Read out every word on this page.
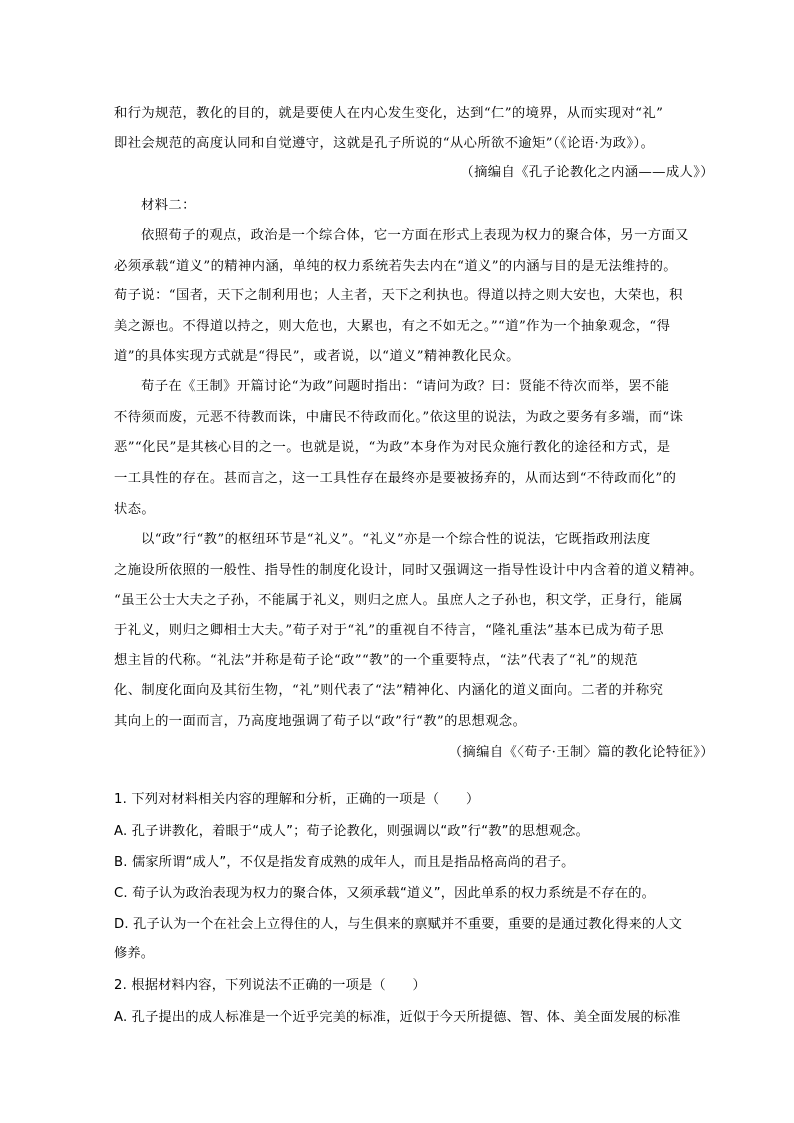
和行为规范，教化的目的，就是要使人在内心发生变化，达到“仁”的境界，从而实现对“礼”
即社会规范的高度认同和自觉遵守，这就是孔子所说的“从心所欲不逾矩”（《论语·为政》）。
（摘编自《孔子论教化之内涵——成人》）
材料二：
依照荀子的观点，政治是一个综合体，它一方面在形式上表现为权力的聚合体，另一方面又
必须承载“道义”的精神内涵，单纯的权力系统若失去内在“道义”的内涵与目的是无法维持的。
荀子说：“国者，天下之制利用也；人主者，天下之利执也。得道以持之则大安也，大荣也，积
美之源也。不得道以持之，则大危也，大累也，有之不如无之。”“道”作为一个抽象观念，“得
道”的具体实现方式就是“得民”，或者说，以“道义”精神教化民众。
荀子在《王制》开篇讨论“为政”问题时指出：“请问为政？曰：贤能不待次而举，罢不能
不待须而废，元恶不待教而诛，中庸民不待政而化。”依这里的说法，为政之要务有多端，而“诛
恶”“化民”是其核心目的之一。也就是说，“为政”本身作为对民众施行教化的途径和方式，是
一工具性的存在。甚而言之，这一工具性存在最终亦是要被扬弃的，从而达到“不待政而化”的
状态。
以“政”行“教”的枢纽环节是“礼义”。“礼义”亦是一个综合性的说法，它既指政刑法度
之施设所依照的一般性、指导性的制度化设计，同时又强调这一指导性设计中内含着的道义精神。
“虽王公士大夫之子孙，不能属于礼义，则归之庶人。虽庶人之子孙也，积文学，正身行，能属
于礼义，则归之卿相士大夫。”荀子对于“礼”的重视自不待言，“隆礼重法”基本已成为荀子思
想主旨的代称。“礼法”并称是荀子论“政”“教”的一个重要特点，“法”代表了“礼”的规范
化、制度化面向及其衍生物，“礼”则代表了“法”精神化、内涵化的道义面向。二者的并称究
其向上的一面而言，乃高度地强调了荀子以“政”行“教”的思想观念。
（摘编自《〈荀子·王制〉篇的教化论特征》）
1. 下列对材料相关内容的理解和分析，正确的一项是（　　）
A. 孔子讲教化，着眼于“成人”；荀子论教化，则强调以“政”行“教”的思想观念。
B. 儒家所谓“成人”，不仅是指发育成熟的成年人，而且是指品格高尚的君子。
C. 荀子认为政治表现为权力的聚合体，又须承载“道义”，因此单系的权力系统是不存在的。
D. 孔子认为一个在社会上立得住的人，与生俱来的禀赋并不重要，重要的是通过教化得来的人文
修养。
2. 根据材料内容，下列说法不正确的一项是（　　）
A. 孔子提出的成人标准是一个近乎完美的标准，近似于今天所提德、智、体、美全面发展的标准
